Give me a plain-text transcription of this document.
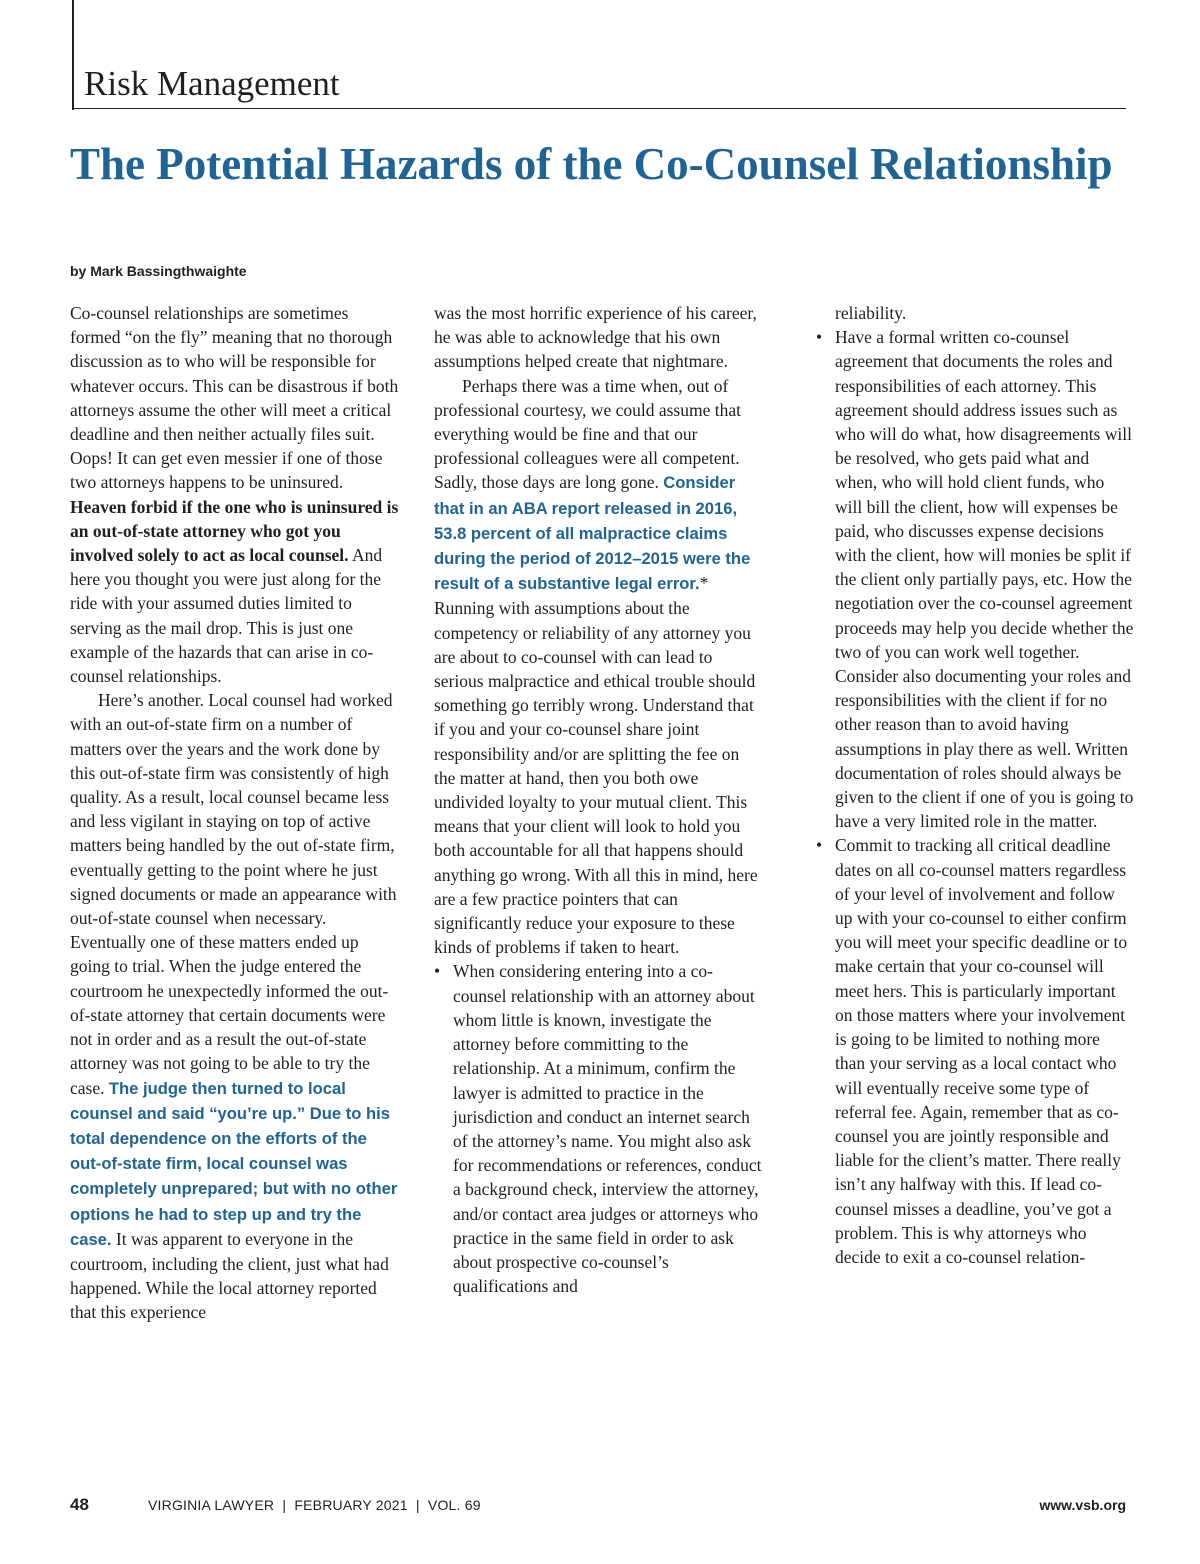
Risk Management
The Potential Hazards of the Co-Counsel Relationship

by Mark Bassingthwaighte

Co-counsel relationships are sometimes formed “on the fly” meaning that no thorough discussion as to who will be responsible for whatever occurs. This can be disastrous if both attorneys assume the other will meet a critical deadline and then neither actually files suit. Oops! It can get even messier if one of those two attorneys happens to be uninsured. Heaven forbid if the one who is uninsured is an out-of-state attorney who got you involved solely to act as local counsel. And here you thought you were just along for the ride with your assumed duties limited to serving as the mail drop. This is just one example of the hazards that can arise in co-counsel relationships.

Here’s another. Local counsel had worked with an out-of-state firm on a number of matters over the years and the work done by this out-of-state firm was consistently of high quality. As a result, local counsel became less and less vigilant in staying on top of active matters being handled by the out of-state firm, eventually getting to the point where he just signed documents or made an appearance with out-of-state counsel when necessary. Eventually one of these matters ended up going to trial. When the judge entered the courtroom he unexpectedly informed the out-of-state attorney that certain documents were not in order and as a result the out-of-state attorney was not going to be able to try the case. The judge then turned to local counsel and said “you’re up.” Due to his total dependence on the efforts of the out-of-state firm, local counsel was completely unprepared; but with no other options he had to step up and try the case. It was apparent to everyone in the courtroom, including the client, just what had happened. While the local attorney reported that this experience

was the most horrific experience of his career, he was able to acknowledge that his own assumptions helped create that nightmare.

Perhaps there was a time when, out of professional courtesy, we could assume that everything would be fine and that our professional colleagues were all competent. Sadly, those days are long gone. Consider that in an ABA report released in 2016, 53.8 percent of all malpractice claims during the period of 2012–2015 were the result of a substantive legal error.* Running with assumptions about the competency or reliability of any attorney you are about to co-counsel with can lead to serious malpractice and ethical trouble should something go terribly wrong. Understand that if you and your co-counsel share joint responsibility and/or are splitting the fee on the matter at hand, then you both owe undivided loyalty to your mutual client. This means that your client will look to hold you both accountable for all that happens should anything go wrong. With all this in mind, here are a few practice pointers that can significantly reduce your exposure to these kinds of problems if taken to heart.

• When considering entering into a co-counsel relationship with an attorney about whom little is known, investigate the attorney before committing to the relationship. At a minimum, confirm the lawyer is admitted to practice in the jurisdiction and conduct an internet search of the attorney’s name. You might also ask for recommendations or references, conduct a background check, interview the attorney, and/or contact area judges or attorneys who practice in the same field in order to ask about prospective co-counsel’s qualifications and

reliability.

• Have a formal written co-counsel agreement that documents the roles and responsibilities of each attorney. This agreement should address issues such as who will do what, how disagreements will be resolved, who gets paid what and when, who will hold client funds, who will bill the client, how will expenses be paid, who discusses expense decisions with the client, how will monies be split if the client only partially pays, etc. How the negotiation over the co-counsel agreement proceeds may help you decide whether the two of you can work well together. Consider also documenting your roles and responsibilities with the client if for no other reason than to avoid having assumptions in play there as well. Written documentation of roles should always be given to the client if one of you is going to have a very limited role in the matter.
• Commit to tracking all critical deadline dates on all co-counsel matters regardless of your level of involvement and follow up with your co-counsel to either confirm you will meet your specific deadline or to make certain that your co-counsel will meet hers. This is particularly important on those matters where your involvement is going to be limited to nothing more than your serving as a local contact who will eventually receive some type of referral fee. Again, remember that as co-counsel you are jointly responsible and liable for the client’s matter. There really isn’t any halfway with this. If lead co-counsel misses a deadline, you’ve got a problem. This is why attorneys who decide to exit a co-counsel relation-
48	VIRGINIA LAWYER  |  FEBRUARY 2021  |  VOL. 69	www.vsb.org
